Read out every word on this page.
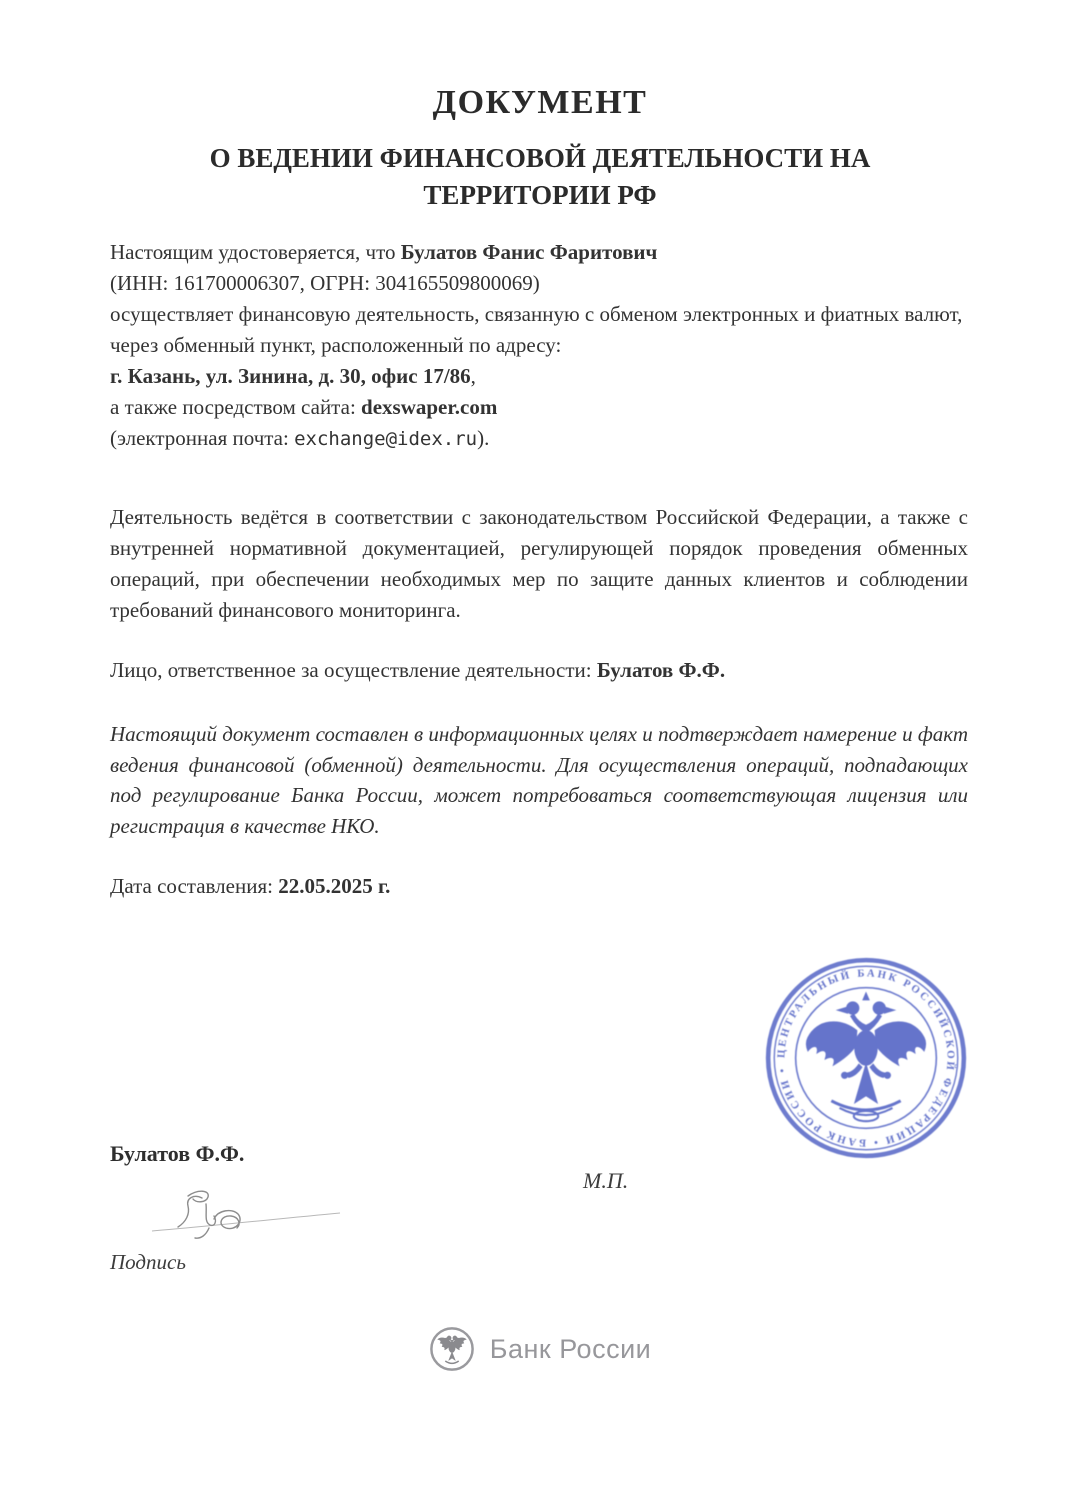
ДОКУМЕНТ
О ВЕДЕНИИ ФИНАНСОВОЙ ДЕЯТЕЛЬНОСТИ НА ТЕРРИТОРИИ РФ
Настоящим удостоверяется, что Булатов Фанис Фаритович
(ИНН: 161700006307, ОГРН: 304165509800069)
осуществляет финансовую деятельность, связанную с обменом электронных и фиатных валют,
через обменный пункт, расположенный по адресу:
г. Казань, ул. Зинина, д. 30, офис 17/86,
а также посредством сайта: dexswaper.com
(электронная почта: exchange@idex.ru).

Деятельность ведётся в соответствии с законодательством Российской Федерации, а также с внутренней нормативной документацией, регулирующей порядок проведения обменных операций, при обеспечении необходимых мер по защите данных клиентов и соблюдении требований финансового мониторинга.

Лицо, ответственное за осуществление деятельности: Булатов Ф.Ф.

Настоящий документ составлен в информационных целях и подтверждает намерение и факт ведения финансовой (обменной) деятельности. Для осуществления операций, подпадающих под регулирование Банка России, может потребоваться соответствующая лицензия или регистрация в качестве НКО.

Дата составления: 22.05.2025 г.
ЦЕНТРАЛЬНЫЙ БАНК РОССИЙСКОЙ ФЕДЕРАЦИИ • БАНК РОССИИ •
Булатов Ф.Ф.
М.П.
Подпись
Банк России
